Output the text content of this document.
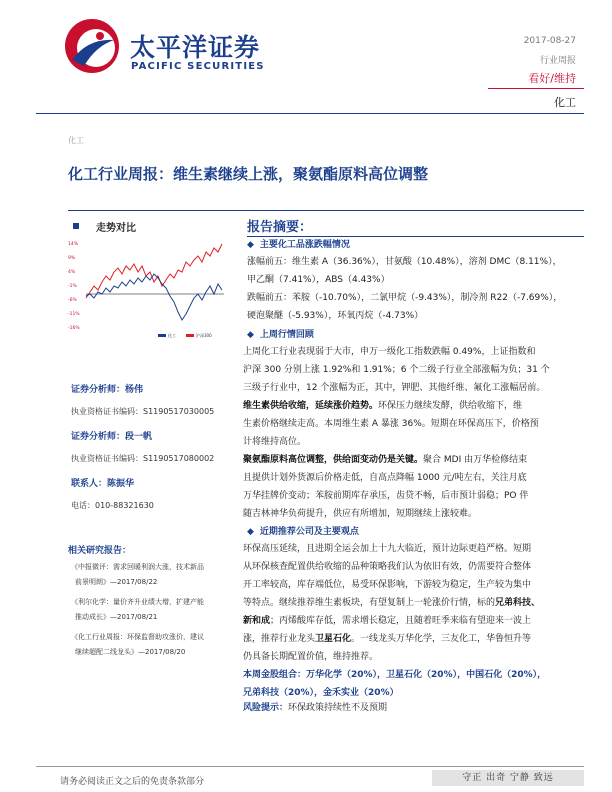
太平洋证券
PACIFIC SECURITIES
2017-08-27
行业周报
看好/维持
化工
化工
化工行业周报：维生素继续上涨，聚氨酯原料高位调整
走势对比
14%
9%
4%
-1%
-6%
-11%
-16%
化工	沪深300
证券分析师：杨伟
执业资格证书编码：S1190517030005
证券分析师：段一帆
执业资格证书编码：S1190517080002
联系人：陈振华
电话：010-88321630
相关研究报告：
《中报微评：需求回暖利润大涨，技术新品
前景明朗》—2017/08/22
《利尔化学：量价齐升业绩大增，扩建产能
推动成长》—2017/08/21
《化工行业周报：环保监督助攻涨价，建议
继续超配二线龙头》—2017/08/20
报告摘要：
◆ 主要化工品涨跌幅情况
涨幅前五：维生素 A（36.36%），甘氨酸（10.48%），溶剂 DMC（8.11%），
甲乙酮（7.41%），ABS（4.43%）
跌幅前五：苯胺（-10.70%），二氯甲烷（-9.43%），制冷剂 R22（-7.69%），
硬泡聚醚（-5.93%），环氧丙烷（-4.73%）
◆ 上周行情回顾
上周化工行业表现弱于大市，申万一级化工指数跌幅 0.49%，上证指数和
沪深 300 分别上涨 1.92%和 1.91%；6 个二级子行业全部涨幅为负；31 个
三级子行业中，12 个涨幅为正，其中，钾肥、其他纤维、氟化工涨幅居前。
维生素供给收缩，延续涨价趋势。环保压力继续发酵，供给收缩下，维
生素价格继续走高。本周维生素 A 暴涨 36%。短期在环保高压下，价格预
计将维持高位。
聚氨酯原料高位调整，供给面变动仍是关键。聚合 MDI 由万华检修结束
且提供计划外货源后价格走低，自高点降幅 1000 元/吨左右，关注月底
万华挂牌价变动；苯胺前期库存承压，齿贷不畅，后市预计弱稳；PO 伴
随吉林神华负荷提升，供应有所增加，短期继续上涨较难。
◆ 近期推荐公司及主要观点
环保高压延续，且进期全运会加上十九大临近，预计边际更趋严格。短期
从环保核查配置供给收缩的品种策略我们认为依旧有效，仍需要符合整体
开工率较高，库存端低位，易受环保影响，下游较为稳定，生产较为集中
等特点。继续推荐维生素板块，有望复制上一轮涨价行情，标的兄弟科技、
新和成；丙烯酸库存低，需求增长稳定，且随着旺季来临有望迎来一波上
涨，推荐行业龙头卫星石化。一线龙头万华化学，三友化工，华鲁恒升等
仍具备长期配置价值，维持推荐。
本周金股组合：万华化学（20%），卫星石化（20%），中国石化（20%），
兄弟科技（20%），金禾实业（20%）
风险提示：环保政策持续性不及预期
请务必阅读正文之后的免责条款部分	守正 出奇 宁静 致远
